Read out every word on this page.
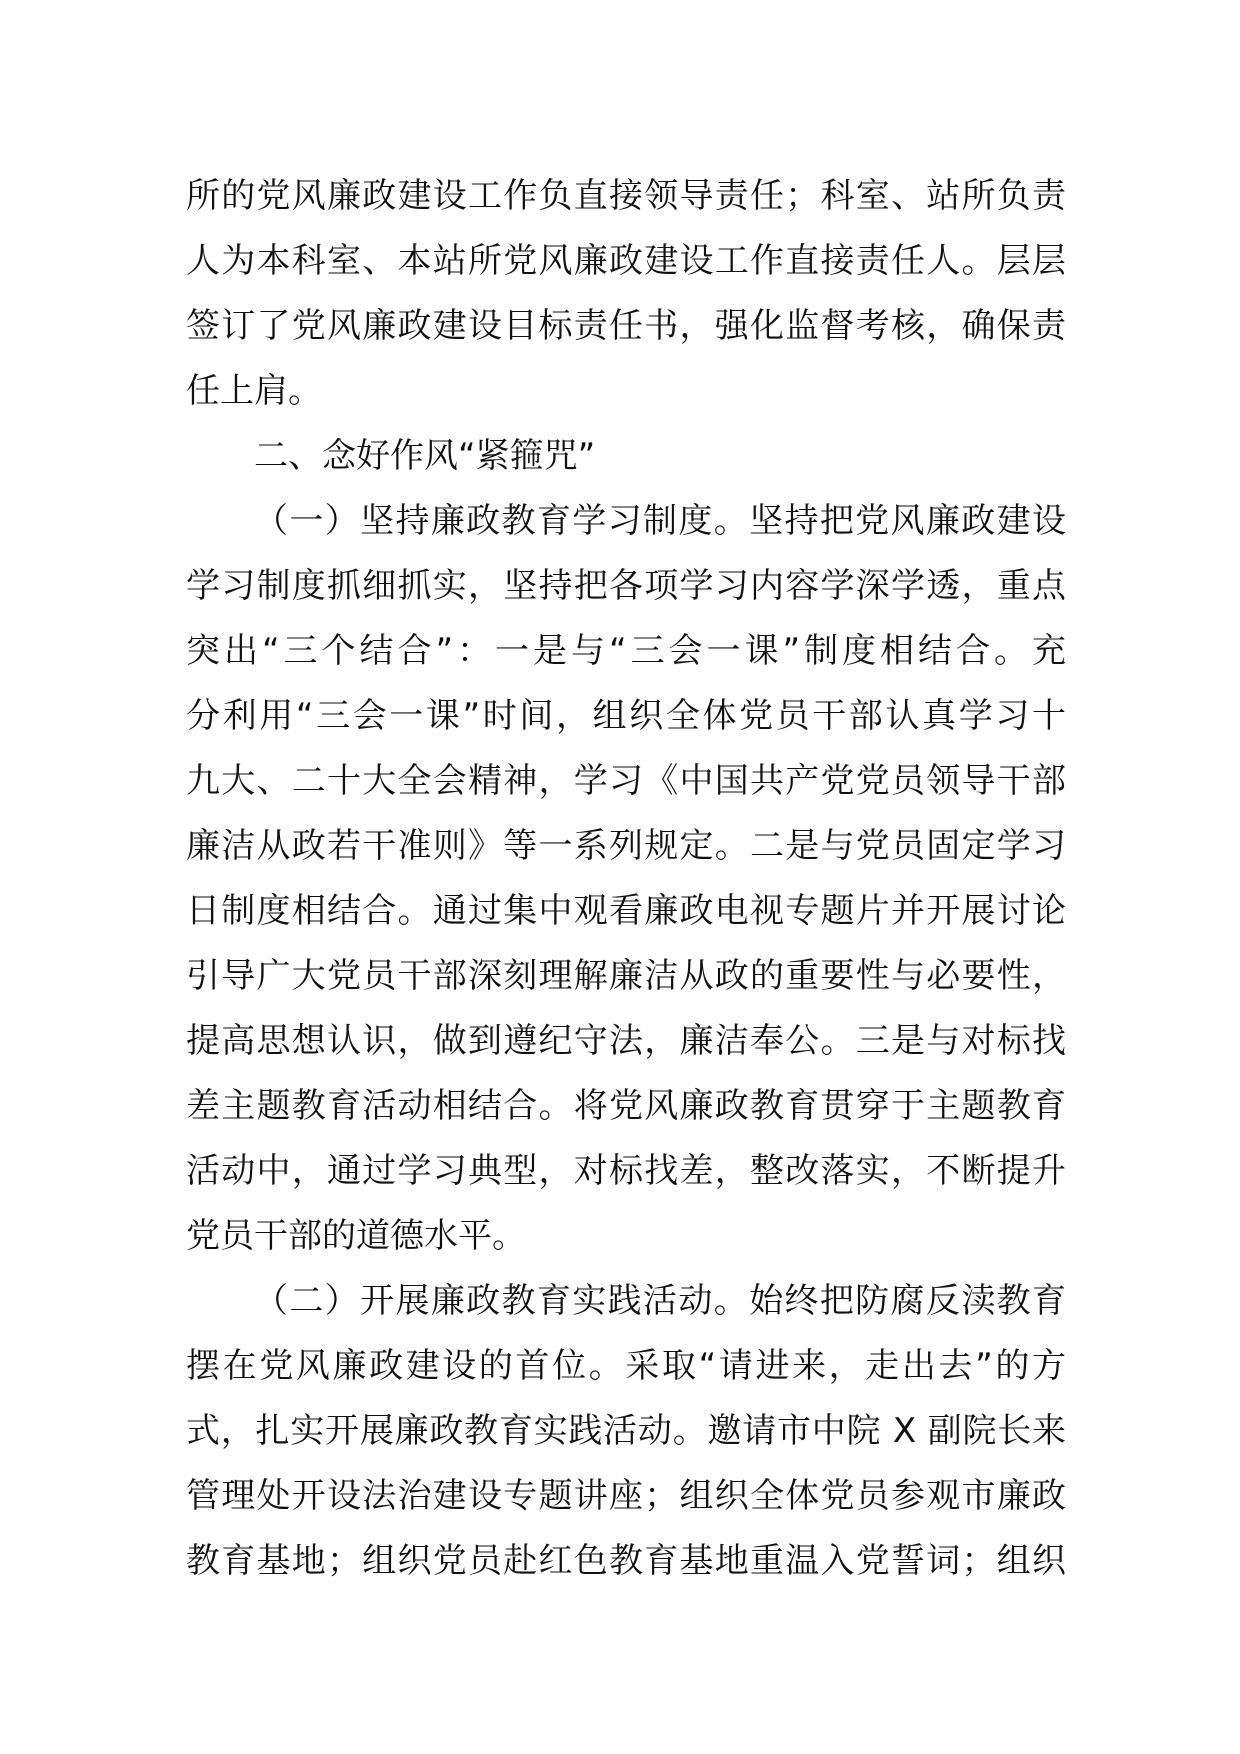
所的党风廉政建设工作负直接领导责任；科室、站所负责
人为本科室、本站所党风廉政建设工作直接责任人。层层
签订了党风廉政建设目标责任书，强化监督考核，确保责
任上肩。
二、念好作风“紧箍咒”
（一）坚持廉政教育学习制度。坚持把党风廉政建设
学习制度抓细抓实，坚持把各项学习内容学深学透，重点
突出“三个结合”：一是与“三会一课”制度相结合。充
分利用“三会一课”时间，组织全体党员干部认真学习十
九大、二十大全会精神，学习《中国共产党党员领导干部
廉洁从政若干准则》等一系列规定。二是与党员固定学习
日制度相结合。通过集中观看廉政电视专题片并开展讨论
引导广大党员干部深刻理解廉洁从政的重要性与必要性，
提高思想认识，做到遵纪守法，廉洁奉公。三是与对标找
差主题教育活动相结合。将党风廉政教育贯穿于主题教育
活动中，通过学习典型，对标找差，整改落实，不断提升
党员干部的道德水平。
（二）开展廉政教育实践活动。始终把防腐反渎教育
摆在党风廉政建设的首位。采取“请进来，走出去”的方
式，扎实开展廉政教育实践活动。邀请市中院 X 副院长来
管理处开设法治建设专题讲座；组织全体党员参观市廉政
教育基地；组织党员赴红色教育基地重温入党誓词；组织
